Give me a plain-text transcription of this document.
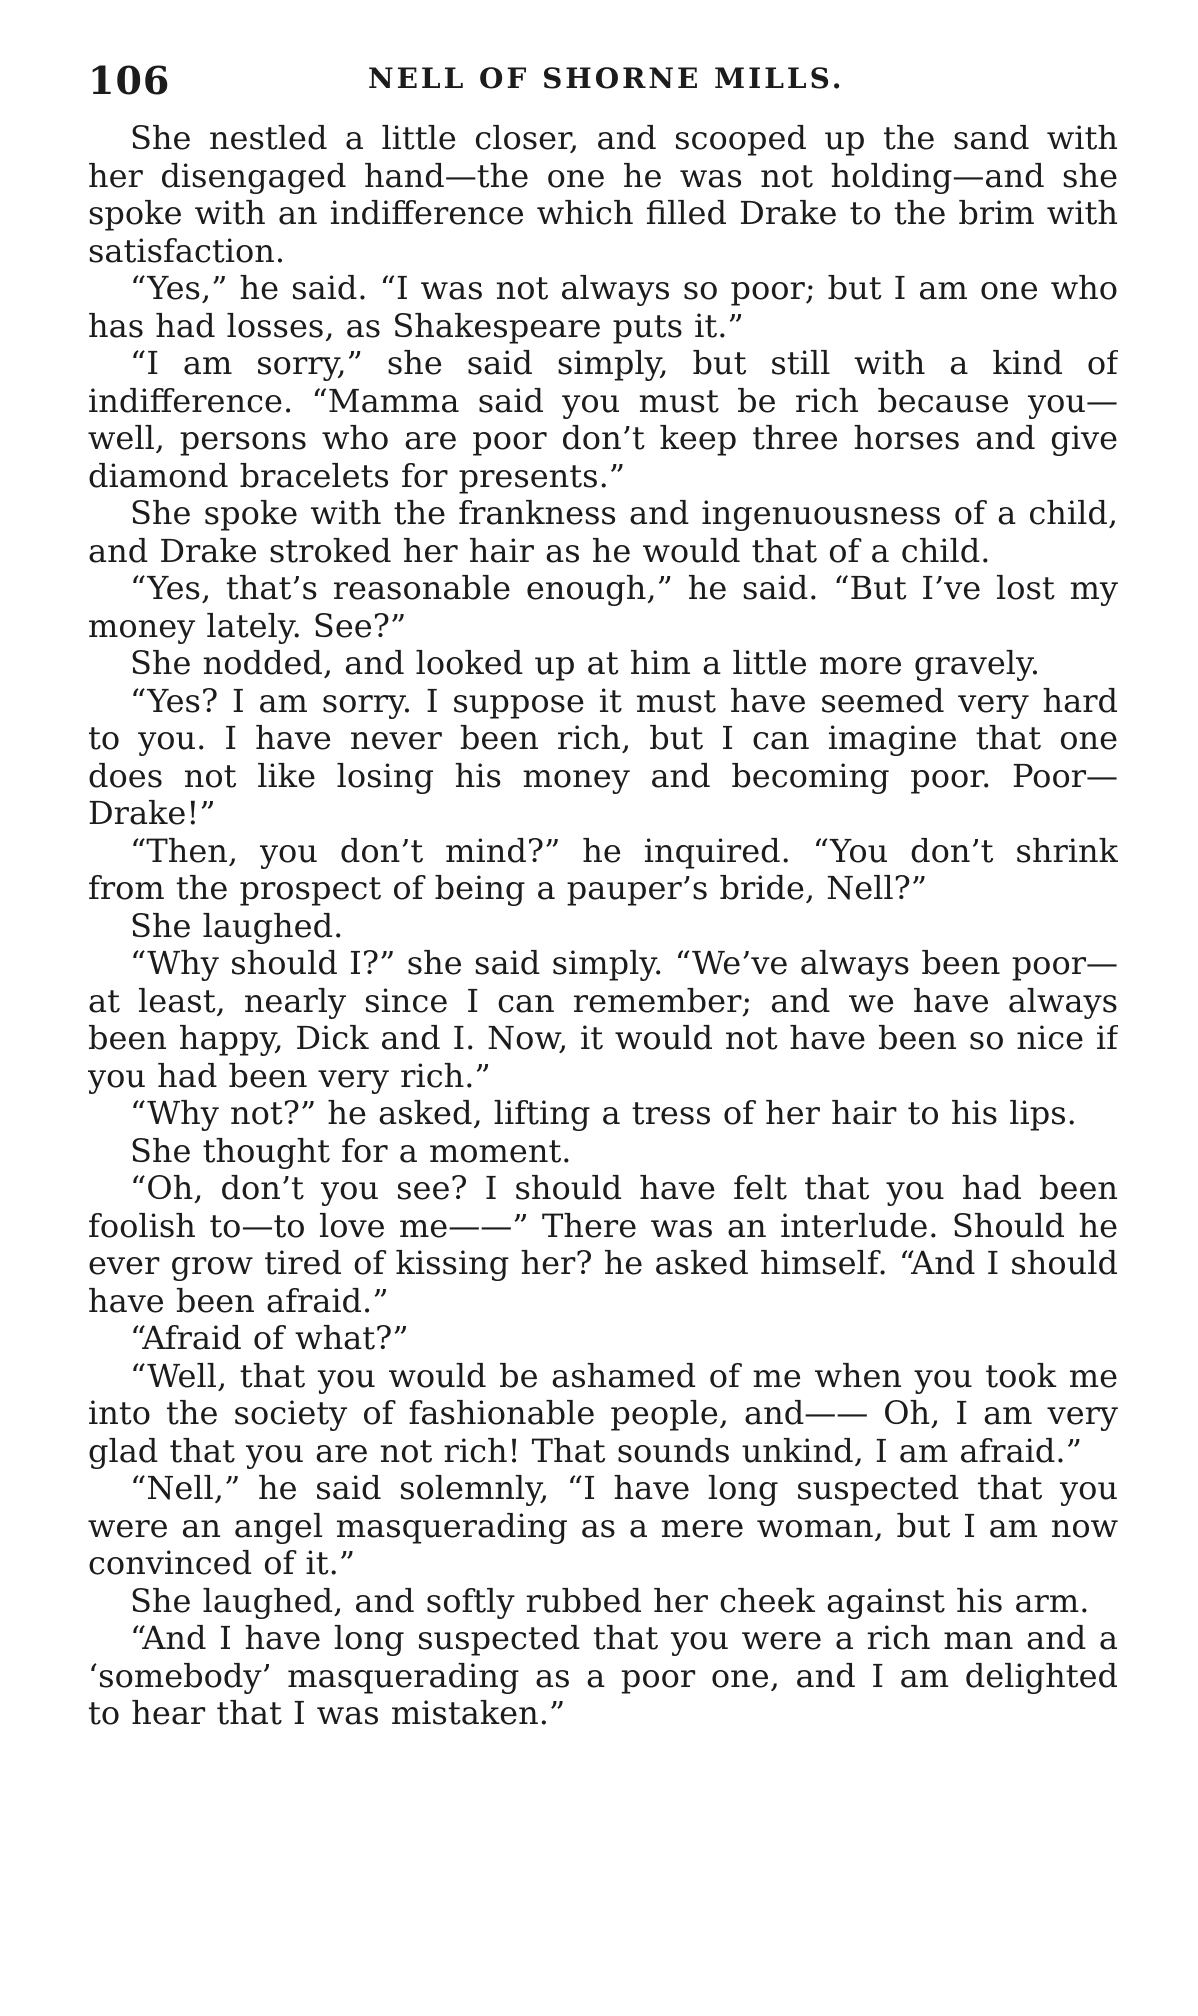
106	NELL OF SHORNE MILLS.

She nestled a little closer, and scooped up the sand with her disengaged hand—the one he was not holding—and she spoke with an indifference which filled Drake to the brim with satisfaction.

“Yes,” he said. “I was not always so poor; but I am one who has had losses, as Shakespeare puts it.”

“I am sorry,” she said simply, but still with a kind of indifference. “Mamma said you must be rich because you—well, persons who are poor don’t keep three horses and give diamond bracelets for presents.”

She spoke with the frankness and ingenuousness of a child, and Drake stroked her hair as he would that of a child.

“Yes, that’s reasonable enough,” he said. “But I’ve lost my money lately. See?”

She nodded, and looked up at him a little more gravely.

“Yes? I am sorry. I suppose it must have seemed very hard to you. I have never been rich, but I can imagine that one does not like losing his money and becoming poor. Poor—Drake!”

“Then, you don’t mind?” he inquired. “You don’t shrink from the prospect of being a pauper’s bride, Nell?”

She laughed.

“Why should I?” she said simply. “We’ve always been poor—at least, nearly since I can remember; and we have always been happy, Dick and I. Now, it would not have been so nice if you had been very rich.”

“Why not?” he asked, lifting a tress of her hair to his lips.

She thought for a moment.

“Oh, don’t you see? I should have felt that you had been foolish to—to love me——” There was an interlude. Should he ever grow tired of kissing her? he asked himself. “And I should have been afraid.”

“Afraid of what?”

“Well, that you would be ashamed of me when you took me into the society of fashionable people, and—— Oh, I am very glad that you are not rich! That sounds unkind, I am afraid.”

“Nell,” he said solemnly, “I have long suspected that you were an angel masquerading as a mere woman, but I am now convinced of it.”

She laughed, and softly rubbed her cheek against his arm.

“And I have long suspected that you were a rich man and a ‘somebody’ masquerading as a poor one, and I am delighted to hear that I was mistaken.”
